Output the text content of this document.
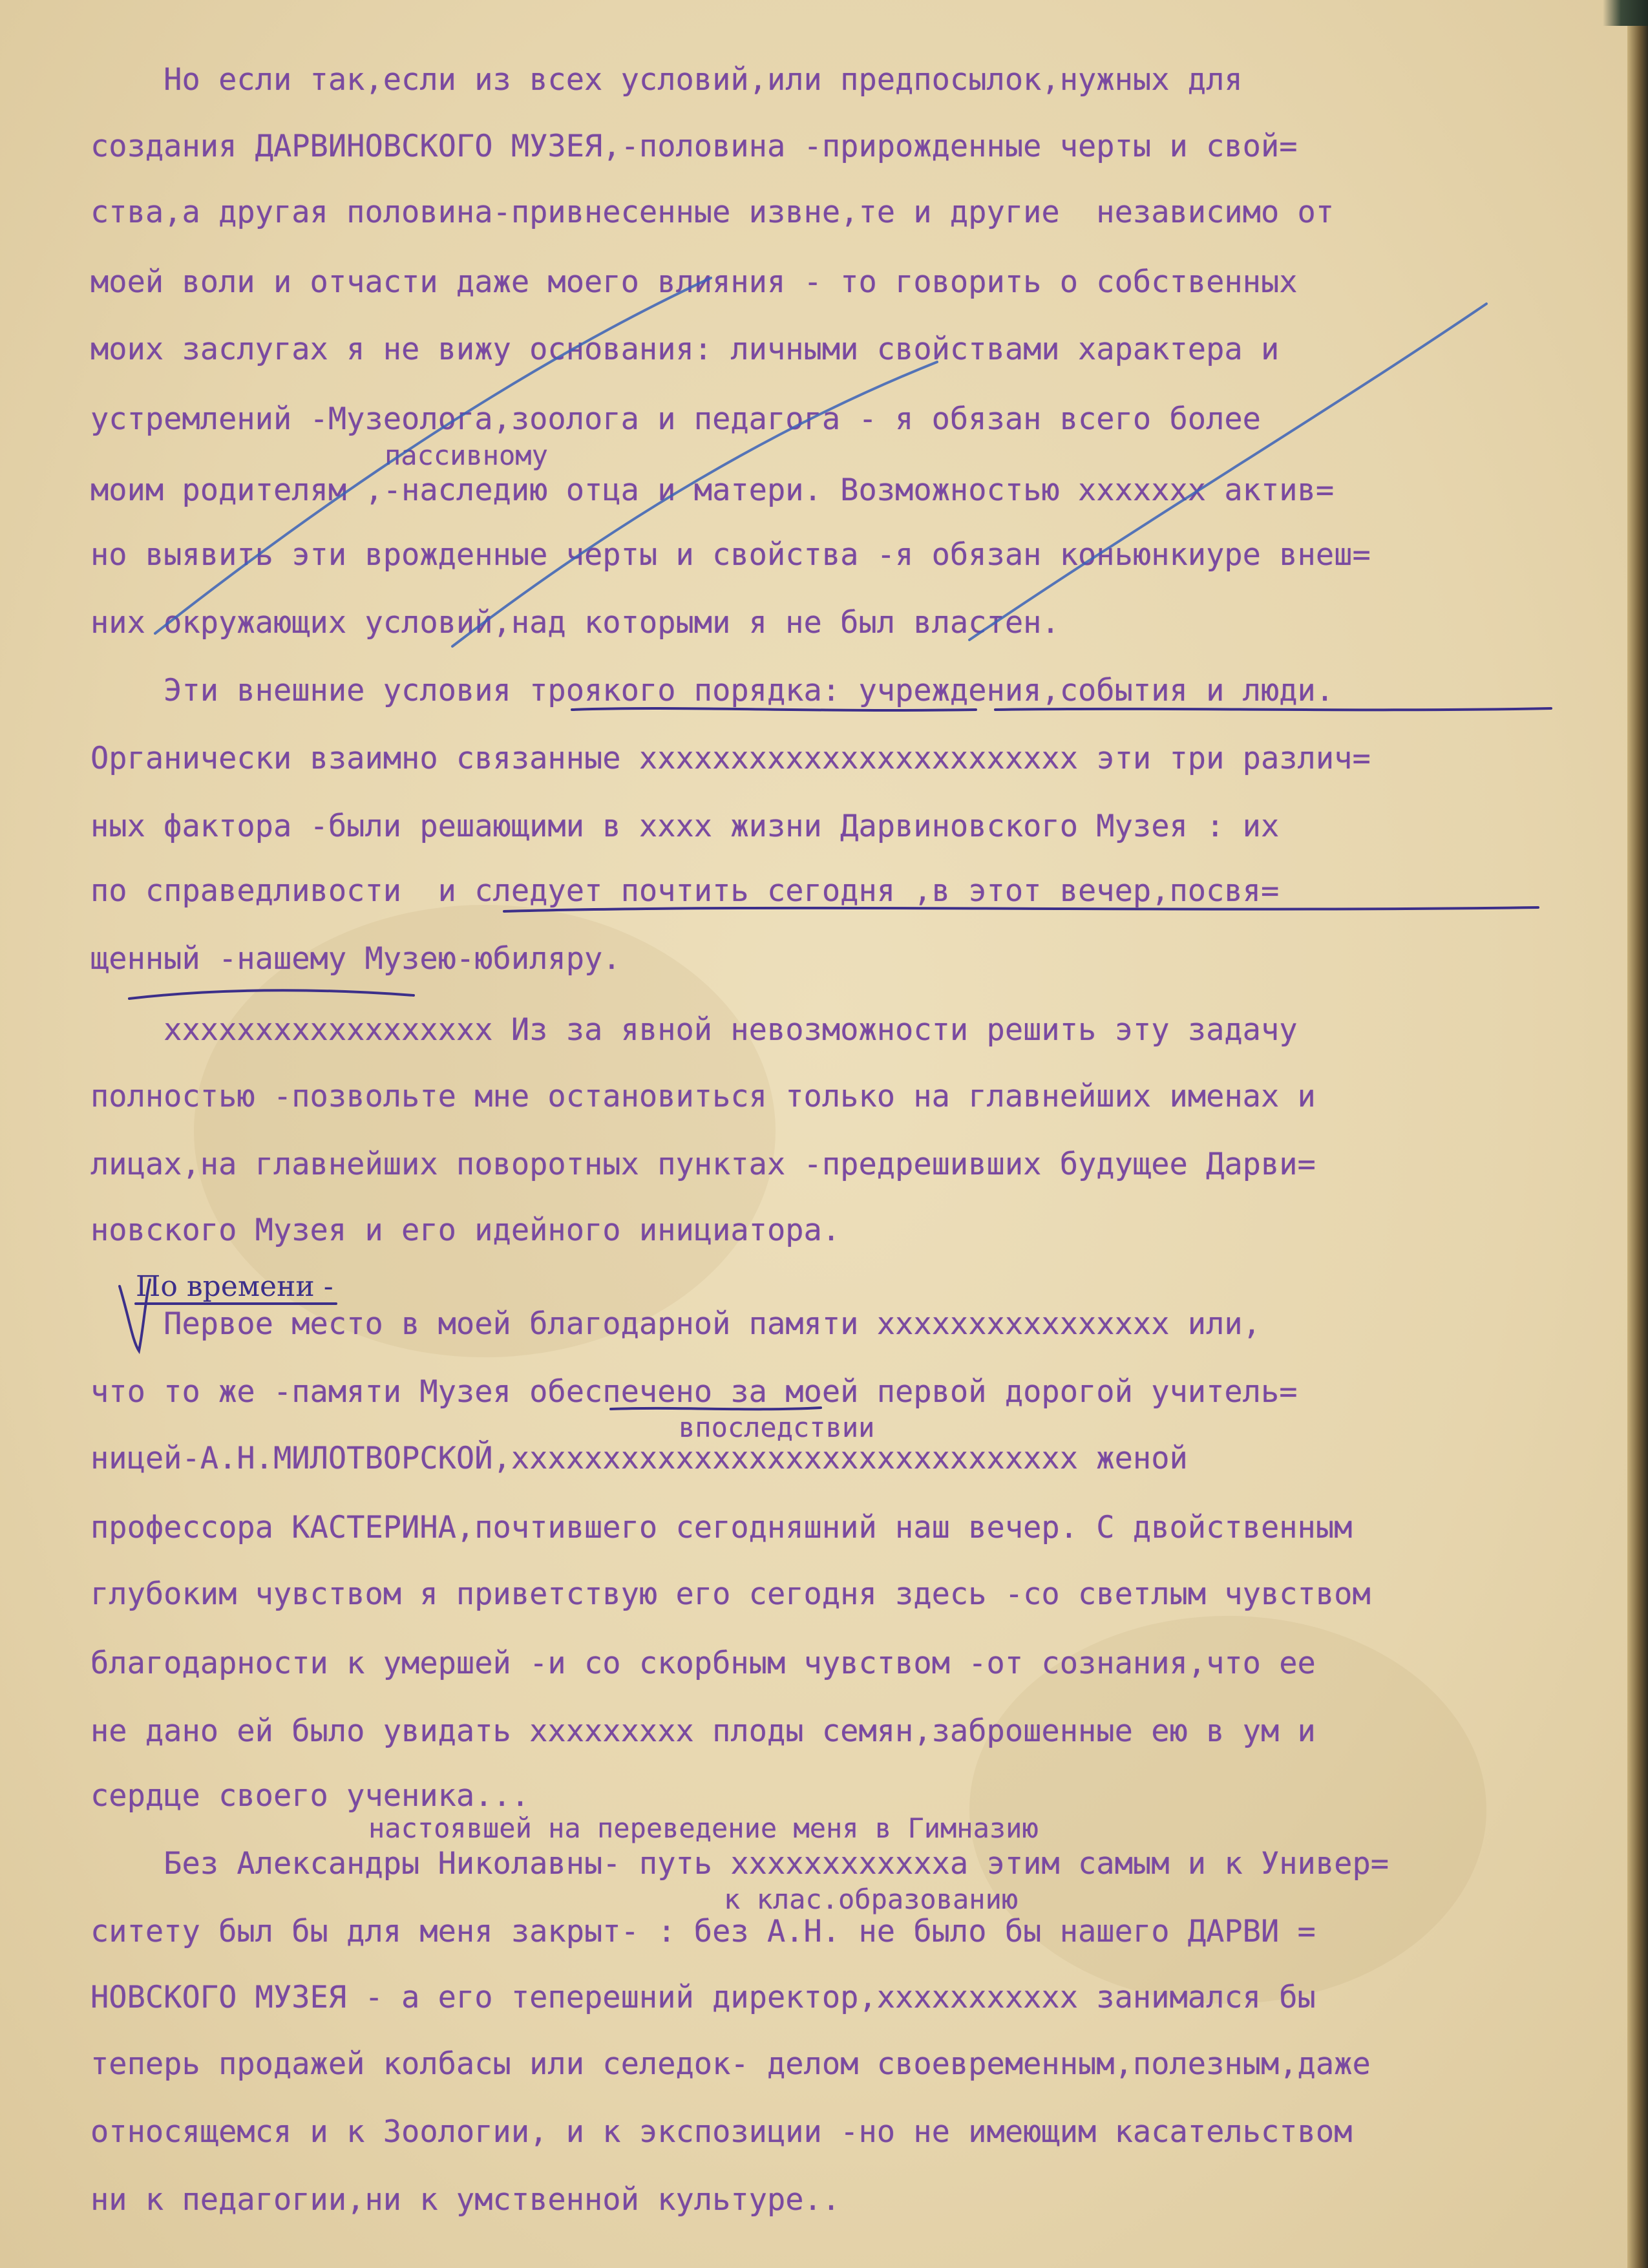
Но если так,если из всех условий,или предпосылок,нужных для
создания ДАРВИНОВСКОГО МУЗЕЯ,-половина -прирожденные черты и свой=
ства,а другая половина-привнесенные извне,те и другие  независимо от
моей воли и отчасти даже моего влияния - то говорить о собственных
моих заслугах я не вижу основания: личными свойствами характера и
устремлений -Музеолога,зоолога и педагога - я обязан всего более
пассивному
моим родителям ,-наследию отца и матери. Возможностью ххххххх актив=
но выявить эти врожденные черты и свойства -я обязан коньюнкиуре внеш=
них окружающих условий,над которыми я не был властен.
Эти внешние условия троякого порядка: учреждения,события и люди.
Органически взаимно связанные хххххххххххххххххххххххх эти три различ=
ных фактора -были решающими в хххх жизни Дарвиновского Музея : их
по справедливости  и следует почтить сегодня ,в этот вечер,посвя=
щенный -нашему Музею-юбиляру.
хххххххххххххххххх Из за явной невозможности решить эту задачу
полностью -позвольте мне остановиться только на главнейших именах и
лицах,на главнейших поворотных пунктах -предрешивших будущее Дарви=
новского Музея и его идейного инициатора.
По времени -
Первое место в моей благодарной памяти хххххххххххххххх или,
что то же -памяти Музея обеспечено за моей первой дорогой учитель=
впоследствии
ницей-А.Н.МИЛОТВОРСКОЙ,ххххххххххххххххххххххххххххххх женой
профессора КАСТЕРИНА,почтившего сегодняшний наш вечер. С двойственным
глубоким чувством я приветствую его сегодня здесь -со светлым чувством
благодарности к умершей -и со скорбным чувством -от сознания,что ее
не дано ей было увидать ххххххххх плоды семян,заброшенные ею в ум и
сердце своего ученика...
настоявшей на переведение меня в Гимназию
Без Александры Николавны- путь хххххххххххха этим самым и к Универ=
к клас.образованию
ситету был бы для меня закрыт- : без А.Н. не было бы нашего ДАРВИ =
НОВСКОГО МУЗЕЯ - а его теперешний директор,ххххххххххх занимался бы
теперь продажей колбасы или селедок- делом своевременным,полезным,даже
относящемся и к Зоологии, и к экспозиции -но не имеющим касательством
ни к педагогии,ни к умственной культуре..
